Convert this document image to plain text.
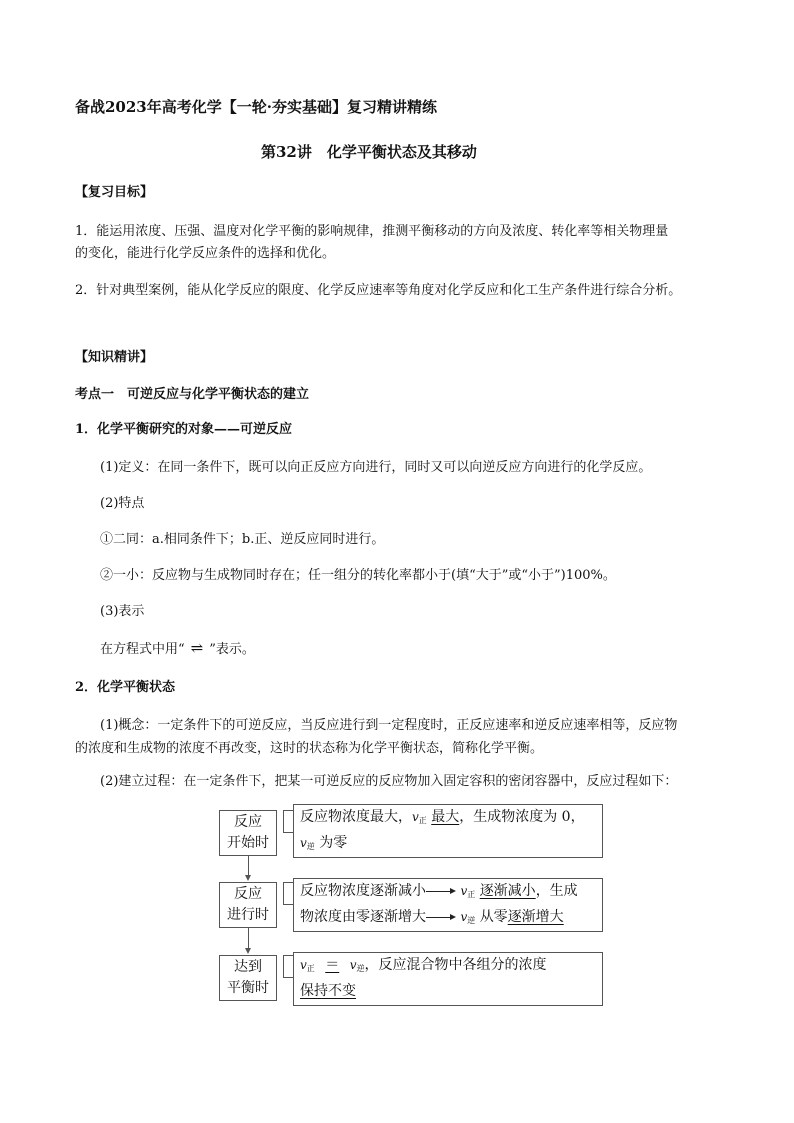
备战2023年高考化学【一轮·夯实基础】复习精讲精练
第32讲　化学平衡状态及其移动
【复习目标】
1．能运用浓度、压强、温度对化学平衡的影响规律，推测平衡移动的方向及浓度、转化率等相关物理量
的变化，能进行化学反应条件的选择和优化。
2．针对典型案例，能从化学反应的限度、化学反应速率等角度对化学反应和化工生产条件进行综合分析。
【知识精讲】
考点一　可逆反应与化学平衡状态的建立
1．化学平衡研究的对象——可逆反应
(1)定义：在同一条件下，既可以向正反应方向进行，同时又可以向逆反应方向进行的化学反应。
(2)特点
①二同：a.相同条件下；b.正、逆反应同时进行。
②一小：反应物与生成物同时存在；任一组分的转化率都小于(填“大于”或“小于”)100%。
(3)表示
在方程式中用“ ⇌ ”表示。
2．化学平衡状态
(1)概念：一定条件下的可逆反应，当反应进行到一定程度时，正反应速率和逆反应速率相等，反应物
的浓度和生成物的浓度不再改变，这时的状态称为化学平衡状态，简称化学平衡。
(2)建立过程：在一定条件下，把某一可逆反应的反应物加入固定容积的密闭容器中，反应过程如下：
反应
开始时
反应
进行时
达到
平衡时
反应物浓度最大，$v_正$ 最大，生成物浓度为 0，
$v_逆$ 为零
反应物浓度逐渐减小	$v_正$ 逐渐减小，生成
物浓度由零逐渐增大	$v_逆$ 从零逐渐增大
$v_正 = v_逆$，反应混合物中各组分的浓度
保持不变
